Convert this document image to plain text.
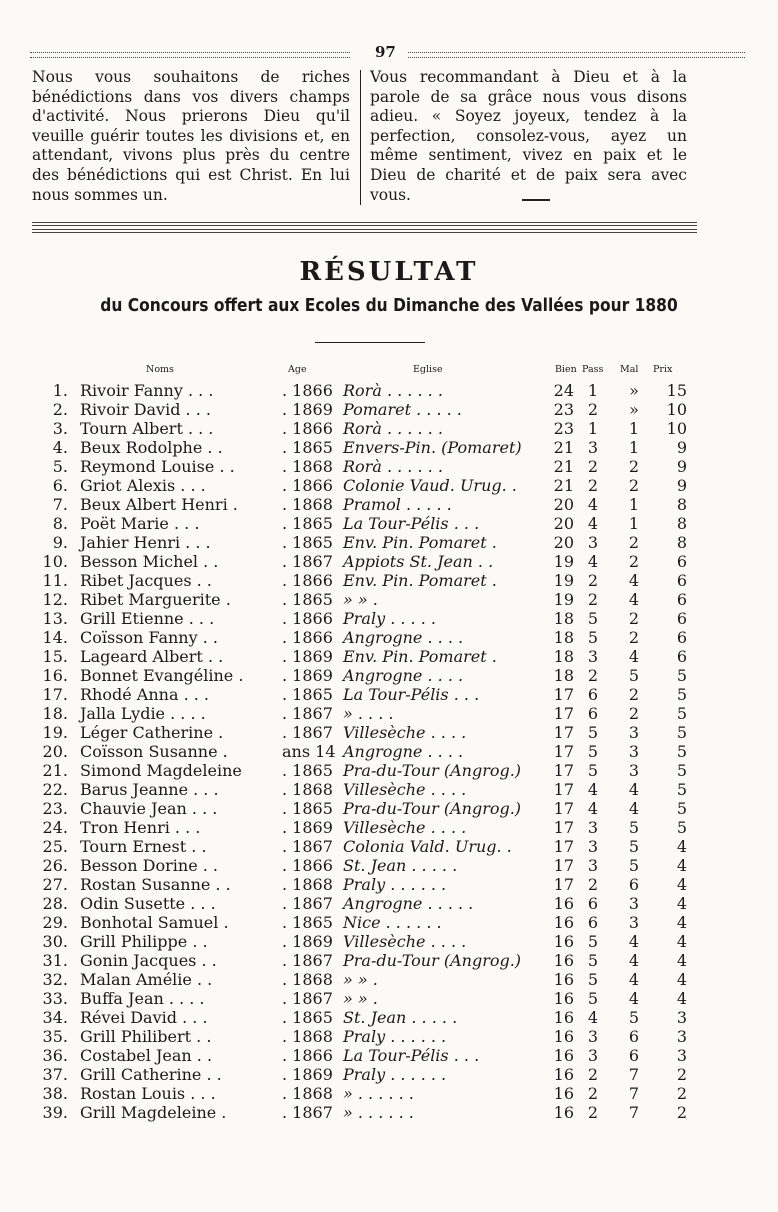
97
Nous vous souhaitons de riches bénédictions dans vos divers champs d'activité. Nous prierons Dieu qu'il veuille guérir toutes les divisions et, en attendant, vivons plus près du centre des bénédictions qui est Christ. En lui nous sommes un.
Vous recommandant à Dieu et à la parole de sa grâce nous vous disons adieu. « Soyez joyeux, tendez à la perfection, consolez-vous, ayez un même sentiment, vivez en paix et le Dieu de charité et de paix sera avec vous.
RÉSULTAT
du Concours offert aux Ecoles du Dimanche des Vallées pour 1880
Noms	Age	Eglise	Bien Pass Mal Prix
1. Rivoir Fanny . . .	. 1866 Rorà . . . . . .	24 1 » 15
2. Rivoir David . . .	. 1869 Pomaret . . . . .	23 2 » 10
3. Tourn Albert . . .	. 1866 Rorà . . . . . .	23 1 1 10
4. Beux Rodolphe . .	. 1865 Envers-Pin. (Pomaret)	21 3 1	9
5. Reymond Louise . .	. 1868 Rorà . . . . . .	21 2 2	9
6. Griot Alexis . . .	. 1866 Colonie Vaud. Urug. .	21 2 2	9
7. Beux Albert Henri .	. 1868 Pramol . . . . .	20 4 1	8
8. Poët Marie . . .	. 1865 La Tour-Pélis . . .	20 4 1	8
9. Jahier Henri . . .	. 1865 Env. Pin. Pomaret .	20 3 2	8
10. Besson Michel . .	. 1867 Appiots St. Jean . .	19 4 2	6
11. Ribet Jacques . .	. 1866 Env. Pin. Pomaret .	19 2 4	6
12. Ribet Marguerite .	. 1865 » » .	19 2 4	6
13. Grill Etienne . . .	. 1866 Praly . . . . .	18 5 2	6
14. Coïsson Fanny . .	. 1866 Angrogne . . . .	18 5 2	6
15. Lageard Albert . .	. 1869 Env. Pin. Pomaret .	18 3 4	6
16. Bonnet Evangéline . . 1869 Angrogne . . . .	18 2 5	5
17. Rhodé Anna . . .	. 1865 La Tour-Pélis . . .	17 6 2	5
18. Jalla Lydie . . . .	. 1867 » . . . .	17 6 2	5
19. Léger Catherine .	. 1867 Villesèche . . . .	17 5 3	5
20. Coïsson Susanne .	ans 14 Angrogne . . . .	17 5 3	5
21. Simond Magdeleine	. 1865 Pra-du-Tour (Angrog.)	17 5 3	5
22. Barus Jeanne . . .	. 1868 Villesèche . . . .	17 4 4	5
23. Chauvie Jean . . .	. 1865 Pra-du-Tour (Angrog.)	17 4 4	5
24. Tron Henri . . .	. 1869 Villesèche . . . .	17 3 5	5
25. Tourn Ernest . .	. 1867 Colonia Vald. Urug. .	17 3 5	4
26. Besson Dorine . .	. 1866 St. Jean . . . . .	17 3 5	4
27. Rostan Susanne . .	. 1868 Praly . . . . . .	17 2 6	4
28. Odin Susette . . .	. 1867 Angrogne . . . . .	16 6 3	4
29. Bonhotal Samuel .	. 1865 Nice . . . . . .	16 6 3	4
30. Grill Philippe . .	. 1869 Villesèche . . . .	16 5 4	4
31. Gonin Jacques . .	. 1867 Pra-du-Tour (Angrog.)	16 5 4	4
32. Malan Amélie . .	. 1868 » » .	16 5 4	4
33. Buffa Jean . . . .	. 1867 » » .	16 5 4	4
34. Révei David . . .	. 1865 St. Jean . . . . .	16 4 5	3
35. Grill Philibert . .	. 1868 Praly . . . . . .	16 3 6	3
36. Costabel Jean . .	. 1866 La Tour-Pélis . . .	16 3 6	3
37. Grill Catherine . .	. 1869 Praly . . . . . .	16 2 7	2
38. Rostan Louis . . .	. 1868 » . . . . . .	16 2 7	2
39. Grill Magdeleine .	. 1867 » . . . . . .	16 2 7	2
